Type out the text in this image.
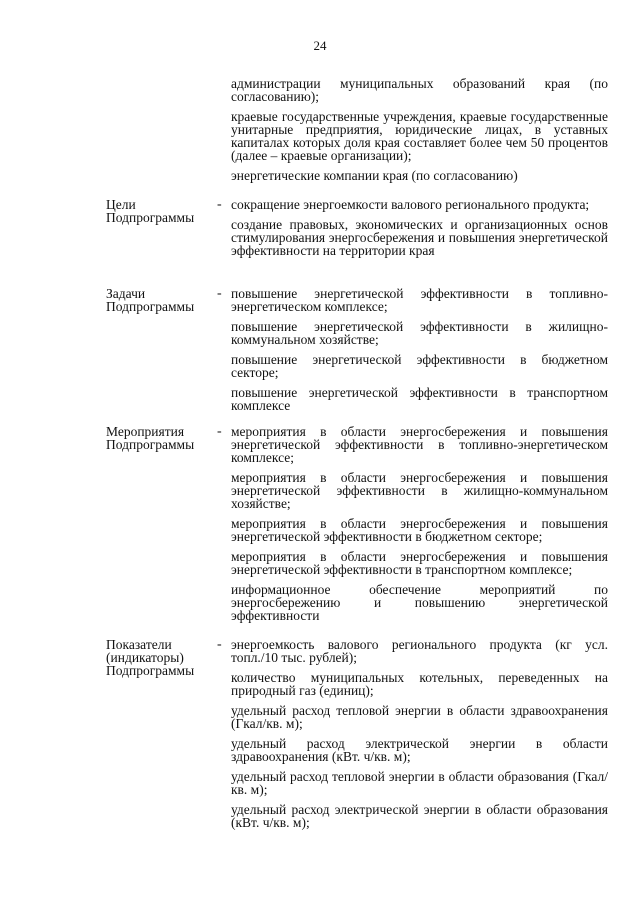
24

администрации муниципальных образований края (по согласованию);

краевые государственные учреждения, краевые государственные унитарные предприятия, юридические лицах, в уставных капиталах которых доля края составляет более чем 50 процентов (далее – краевые организации);

энергетические компании края (по согласованию)

Цели Подпрограммы
- сокращение энергоемкости валового регионального продукта;

создание правовых, экономических и организационных основ стимулирования энергосбережения и повышения энергетической эффективности на территории края

Задачи Подпрограммы
- повышение энергетической эффективности в топливно-энергетическом комплексе;

повышение энергетической эффективности в жилищно-коммунальном хозяйстве;

повышение энергетической эффективности в бюджетном секторе;

повышение энергетической эффективности в транспортном комплексе

Мероприятия Подпрограммы
- мероприятия в области энергосбережения и повышения энергетической эффективности в топливно-энергетическом комплексе;

мероприятия в области энергосбережения и повышения энергетической эффективности в жилищно-коммунальном хозяйстве;

мероприятия в области энергосбережения и повышения энергетической эффективности в бюджетном секторе;

мероприятия в области энергосбережения и повышения энергетической эффективности в транспортном комплексе;

информационное обеспечение мероприятий по энергосбережению и повышению энергетической эффективности

Показатели (индикаторы) Подпрограммы
- энергоемкость валового регионального продукта (кг усл. топл./10 тыс. рублей);

количество муниципальных котельных, переведенных на природный газ (единиц);

удельный расход тепловой энергии в области здравоохранения (Гкал/кв. м);

удельный расход электрической энергии в области здравоохранения (кВт. ч/кв. м);

удельный расход тепловой энергии в области образования (Гкал/кв. м);

удельный расход электрической энергии в области образования (кВт. ч/кв. м);
